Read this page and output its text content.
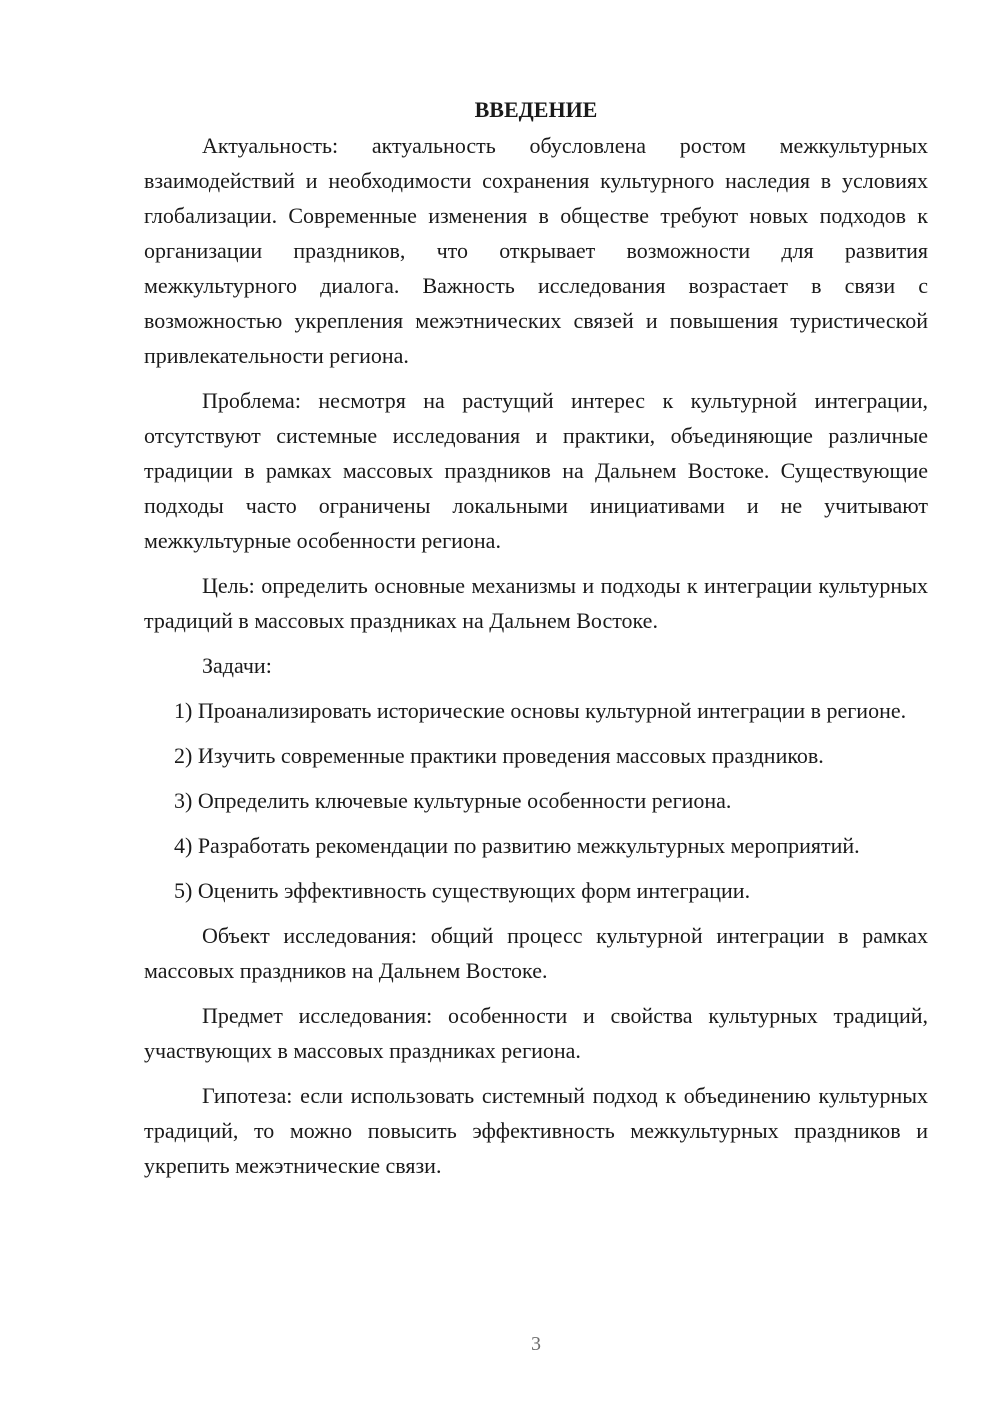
ВВЕДЕНИЕ

Актуальность: актуальность обусловлена ростом межкультурных взаимодействий и необходимости сохранения культурного наследия в условиях глобализации. Современные изменения в обществе требуют новых подходов к организации праздников, что открывает возможности для развития межкультурного диалога. Важность исследования возрастает в связи с возможностью укрепления межэтнических связей и повышения туристической привлекательности региона.

Проблема: несмотря на растущий интерес к культурной интеграции, отсутствуют системные исследования и практики, объединяющие различные традиции в рамках массовых праздников на Дальнем Востоке. Существующие подходы часто ограничены локальными инициативами и не учитывают межкультурные особенности региона.

Цель: определить основные механизмы и подходы к интеграции культурных традиций в массовых праздниках на Дальнем Востоке.

Задачи:

1) Проанализировать исторические основы культурной интеграции в регионе.

2) Изучить современные практики проведения массовых праздников.

3) Определить ключевые культурные особенности региона.

4) Разработать рекомендации по развитию межкультурных мероприятий.

5) Оценить эффективность существующих форм интеграции.

Объект исследования: общий процесс культурной интеграции в рамках массовых праздников на Дальнем Востоке.

Предмет исследования: особенности и свойства культурных традиций, участвующих в массовых праздниках региона.

Гипотеза: если использовать системный подход к объединению культурных традиций, то можно повысить эффективность межкультурных праздников и укрепить межэтнические связи.

3
